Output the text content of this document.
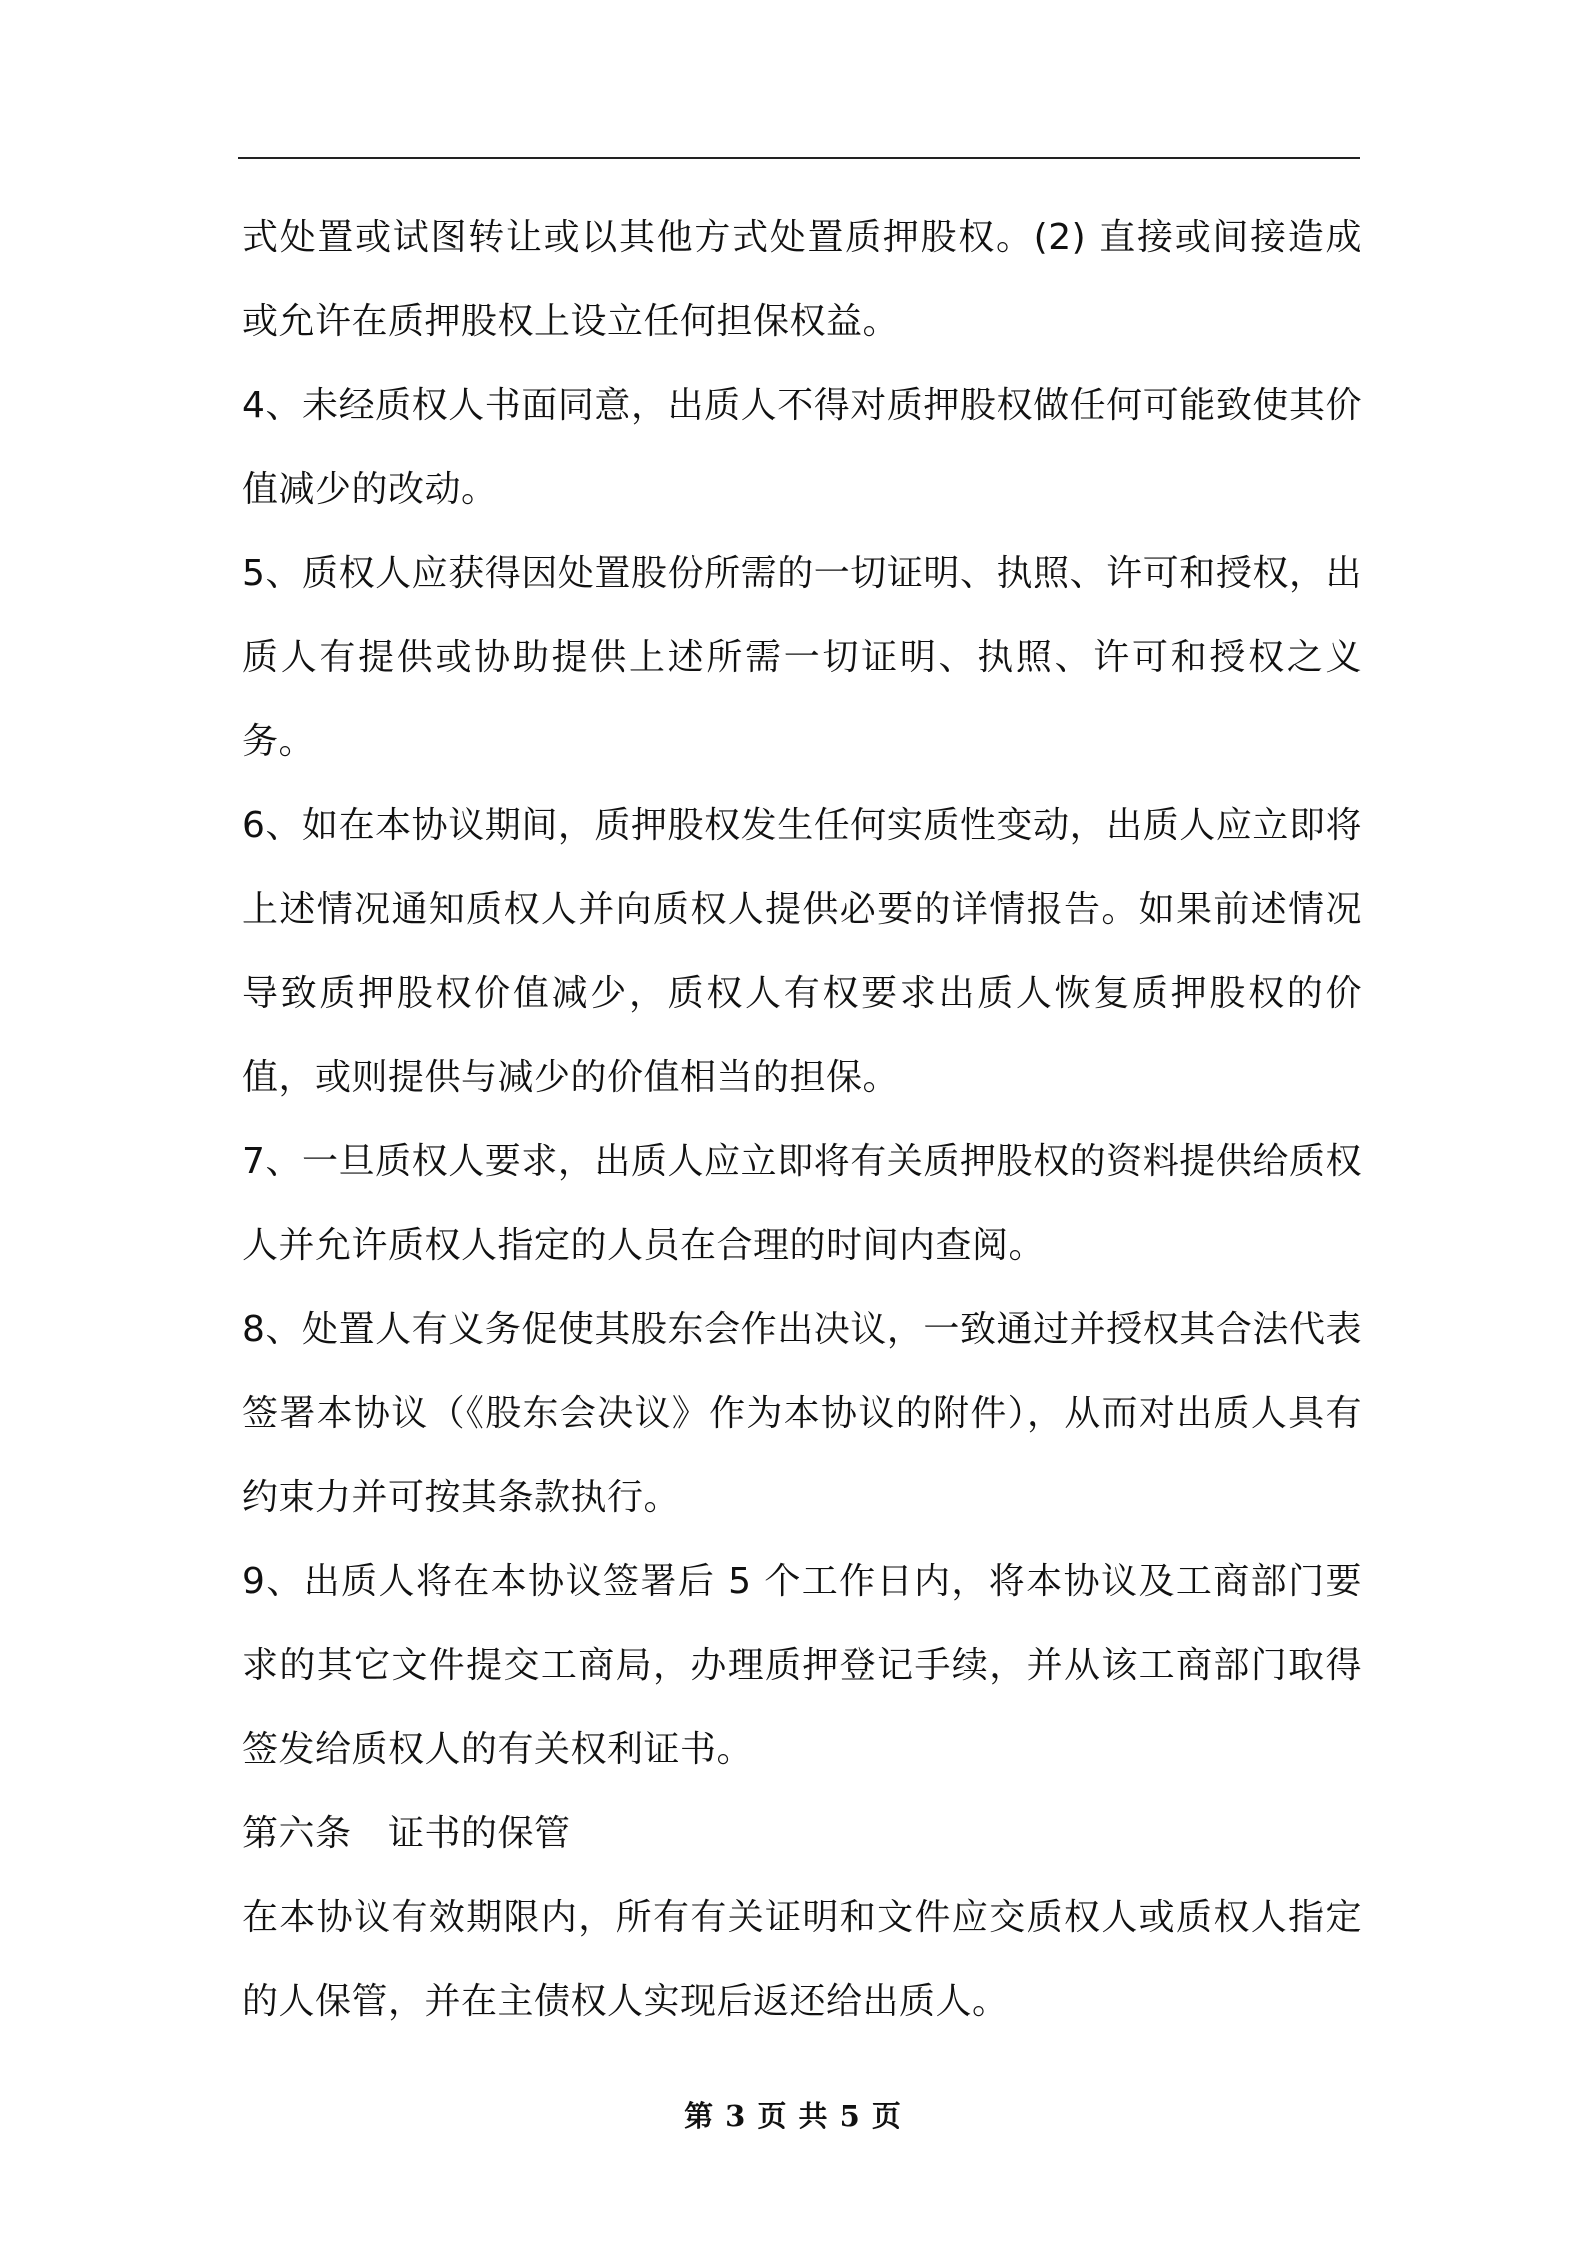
式处置或试图转让或以其他方式处置质押股权。(2) 直接或间接造成或允许在质押股权上设立任何担保权益。

4、未经质权人书面同意，出质人不得对质押股权做任何可能致使其价值减少的改动。

5、质权人应获得因处置股份所需的一切证明、执照、许可和授权，出质人有提供或协助提供上述所需一切证明、执照、许可和授权之义务。

6、如在本协议期间，质押股权发生任何实质性变动，出质人应立即将上述情况通知质权人并向质权人提供必要的详情报告。如果前述情况导致质押股权价值减少，质权人有权要求出质人恢复质押股权的价值，或则提供与减少的价值相当的担保。

7、一旦质权人要求，出质人应立即将有关质押股权的资料提供给质权人并允许质权人指定的人员在合理的时间内查阅。

8、处置人有义务促使其股东会作出决议，一致通过并授权其合法代表签署本协议（《股东会决议》作为本协议的附件），从而对出质人具有约束力并可按其条款执行。

9、出质人将在本协议签署后 5 个工作日内，将本协议及工商部门要求的其它文件提交工商局，办理质押登记手续，并从该工商部门取得签发给质权人的有关权利证书。

第六条　证书的保管

在本协议有效期限内，所有有关证明和文件应交质权人或质权人指定的人保管，并在主债权人实现后返还给出质人。

第 3 页 共 5 页
